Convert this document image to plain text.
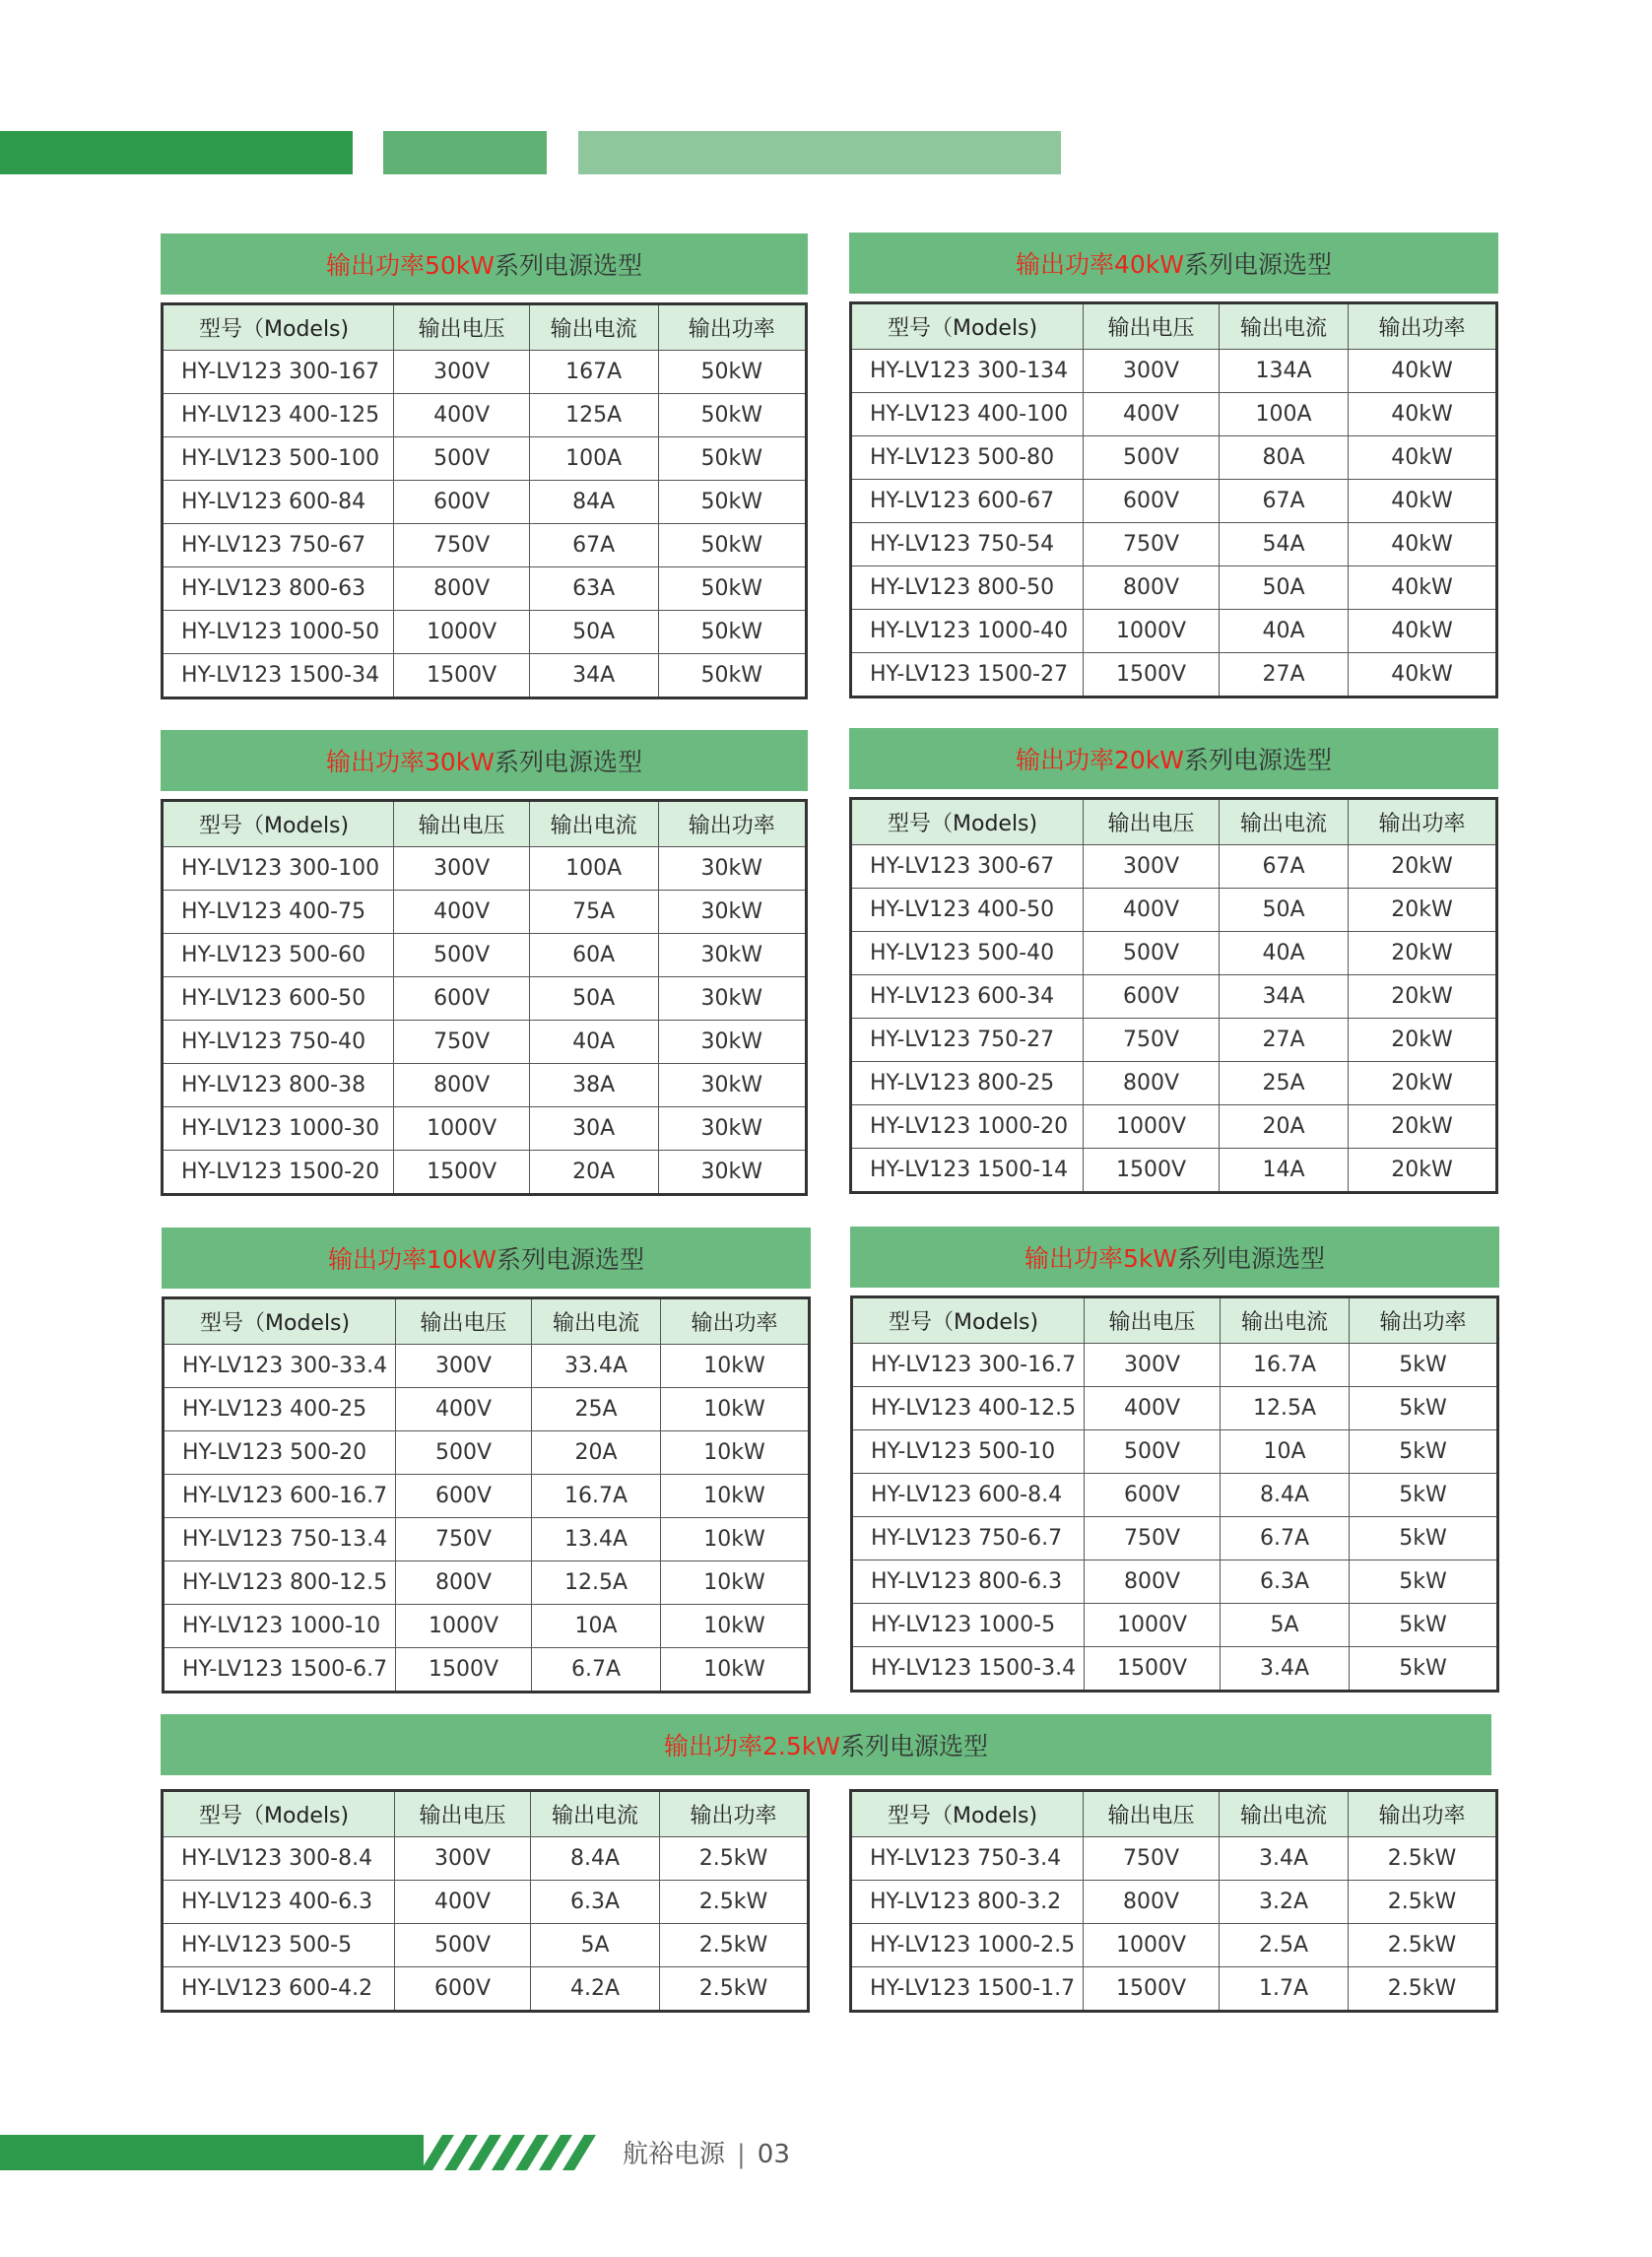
输出功率50kW 系列电源选型
型号（Models)	输出电压	输出电流	输出功率
HY-LV123 300-167	300V	167A	50kW
HY-LV123 400-125	400V	125A	50kW
HY-LV123 500-100	500V	100A	50kW
HY-LV123 600-84	600V	84A	50kW
HY-LV123 750-67	750V	67A	50kW
HY-LV123 800-63	800V	63A	50kW
HY-LV123 1000-50	1000V	50A	50kW
HY-LV123 1500-34	1500V	34A	50kW
输出功率40kW 系列电源选型
型号（Models)	输出电压	输出电流	输出功率
HY-LV123 300-134	300V	134A	40kW
HY-LV123 400-100	400V	100A	40kW
HY-LV123 500-80	500V	80A	40kW
HY-LV123 600-67	600V	67A	40kW
HY-LV123 750-54	750V	54A	40kW
HY-LV123 800-50	800V	50A	40kW
HY-LV123 1000-40	1000V	40A	40kW
HY-LV123 1500-27	1500V	27A	40kW
输出功率30kW 系列电源选型
型号（Models)	输出电压	输出电流	输出功率
HY-LV123 300-100	300V	100A	30kW
HY-LV123 400-75	400V	75A	30kW
HY-LV123 500-60	500V	60A	30kW
HY-LV123 600-50	600V	50A	30kW
HY-LV123 750-40	750V	40A	30kW
HY-LV123 800-38	800V	38A	30kW
HY-LV123 1000-30	1000V	30A	30kW
HY-LV123 1500-20	1500V	20A	30kW
输出功率20kW 系列电源选型
型号（Models)	输出电压	输出电流	输出功率
HY-LV123 300-67	300V	67A	20kW
HY-LV123 400-50	400V	50A	20kW
HY-LV123 500-40	500V	40A	20kW
HY-LV123 600-34	600V	34A	20kW
HY-LV123 750-27	750V	27A	20kW
HY-LV123 800-25	800V	25A	20kW
HY-LV123 1000-20	1000V	20A	20kW
HY-LV123 1500-14	1500V	14A	20kW
输出功率10kW 系列电源选型
型号（Models)	输出电压	输出电流	输出功率
HY-LV123 300-33.4	300V	33.4A	10kW
HY-LV123 400-25	400V	25A	10kW
HY-LV123 500-20	500V	20A	10kW
HY-LV123 600-16.7	600V	16.7A	10kW
HY-LV123 750-13.4	750V	13.4A	10kW
HY-LV123 800-12.5	800V	12.5A	10kW
HY-LV123 1000-10	1000V	10A	10kW
HY-LV123 1500-6.7	1500V	6.7A	10kW
输出功率5kW 系列电源选型
型号（Models)	输出电压	输出电流	输出功率
HY-LV123 300-16.7	300V	16.7A	5kW
HY-LV123 400-12.5	400V	12.5A	5kW
HY-LV123 500-10	500V	10A	5kW
HY-LV123 600-8.4	600V	8.4A	5kW
HY-LV123 750-6.7	750V	6.7A	5kW
HY-LV123 800-6.3	800V	6.3A	5kW
HY-LV123 1000-5	1000V	5A	5kW
HY-LV123 1500-3.4	1500V	3.4A	5kW
输出功率2.5kW 系列电源选型
型号（Models)	输出电压	输出电流	输出功率
HY-LV123 300-8.4	300V	8.4A	2.5kW
HY-LV123 400-6.3	400V	6.3A	2.5kW
HY-LV123 500-5	500V	5A	2.5kW
HY-LV123 600-4.2	600V	4.2A	2.5kW
型号（Models)	输出电压	输出电流	输出功率
HY-LV123 750-3.4	750V	3.4A	2.5kW
HY-LV123 800-3.2	800V	3.2A	2.5kW
HY-LV123 1000-2.5	1000V	2.5A	2.5kW
HY-LV123 1500-1.7	1500V	1.7A	2.5kW
航裕电源 | 03
